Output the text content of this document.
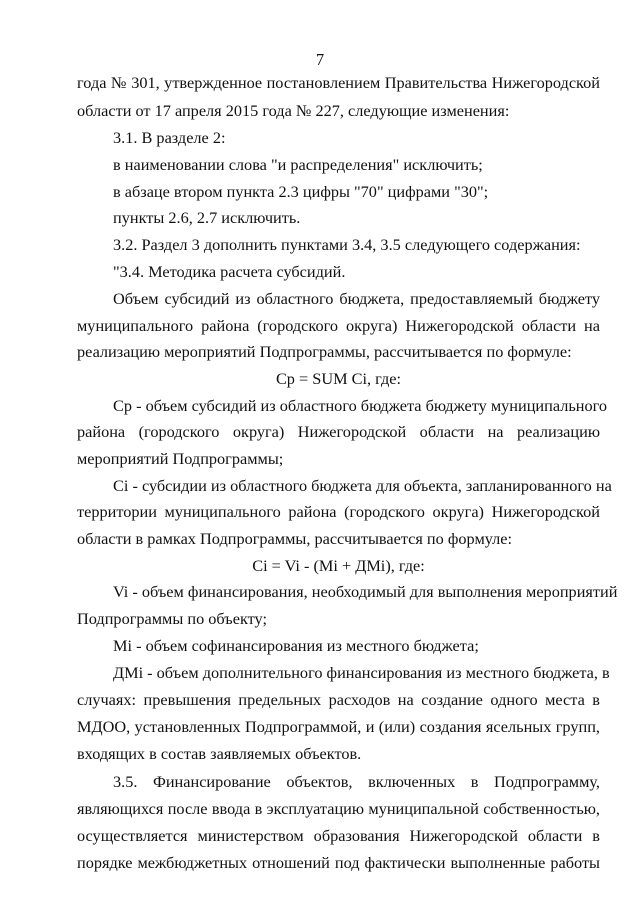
7
года № 301, утвержденное постановлением Правительства Нижегородской
области от 17 апреля 2015 года № 227, следующие изменения:
3.1. В разделе 2:
в наименовании слова "и распределения" исключить;
в абзаце втором пункта 2.3 цифры "70" цифрами "30";
пункты 2.6, 2.7 исключить.
3.2. Раздел 3 дополнить пунктами 3.4, 3.5 следующего содержания:
"3.4. Методика расчета субсидий.
Объем субсидий из областного бюджета, предоставляемый бюджету
муниципального района (городского округа) Нижегородской области на
реализацию мероприятий Подпрограммы, рассчитывается по формуле:
Ср = SUM Сi, где:
Ср - объем субсидий из областного бюджета бюджету муниципального
района (городского округа) Нижегородской области на реализацию
мероприятий Подпрограммы;
Сi - субсидии из областного бюджета для объекта, запланированного на
территории муниципального района (городского округа) Нижегородской
области в рамках Подпрограммы, рассчитывается по формуле:
Сi = Vi - (Мi + ДМi), где:
Vi - объем финансирования, необходимый для выполнения мероприятий
Подпрограммы по объекту;
Мi - объем софинансирования из местного бюджета;
ДМi - объем дополнительного финансирования из местного бюджета, в
случаях: превышения предельных расходов на создание одного места в
МДОО, установленных Подпрограммой, и (или) создания ясельных групп,
входящих в состав заявляемых объектов.
3.5. Финансирование объектов, включенных в Подпрограмму,
являющихся после ввода в эксплуатацию муниципальной собственностью,
осуществляется министерством образования Нижегородской области в
порядке межбюджетных отношений под фактически выполненные работы
